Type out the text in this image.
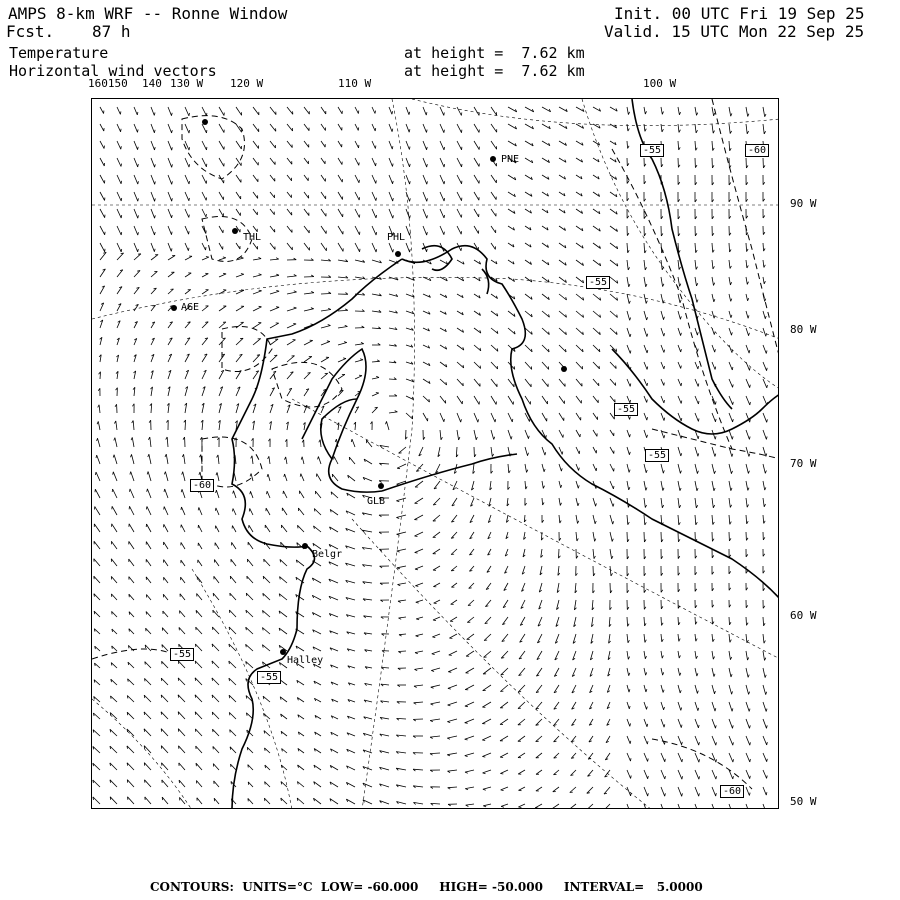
AMPS 8-km WRF -- Ronne Window	Init. 00 UTC Fri 19 Sep 25
Fcst. 87 h	Valid. 15 UTC Mon 22 Sep 25
Temperature
Horizontal wind vectors
at height =  7.62 km
at height =  7.62 km
160150 140 130 W 120 W	110 W	100 W
90 W
80 W
70 W
60 W
50 W
PNE
THL	PHL
AGE
GLB
Belgr
Halley
-55	-60
-55
-55
-55
-60
-55
-55
-60
CONTOURS: UNITS=°C LOW= -60.000 HIGH= -50.000 INTERVAL=   5.0000
